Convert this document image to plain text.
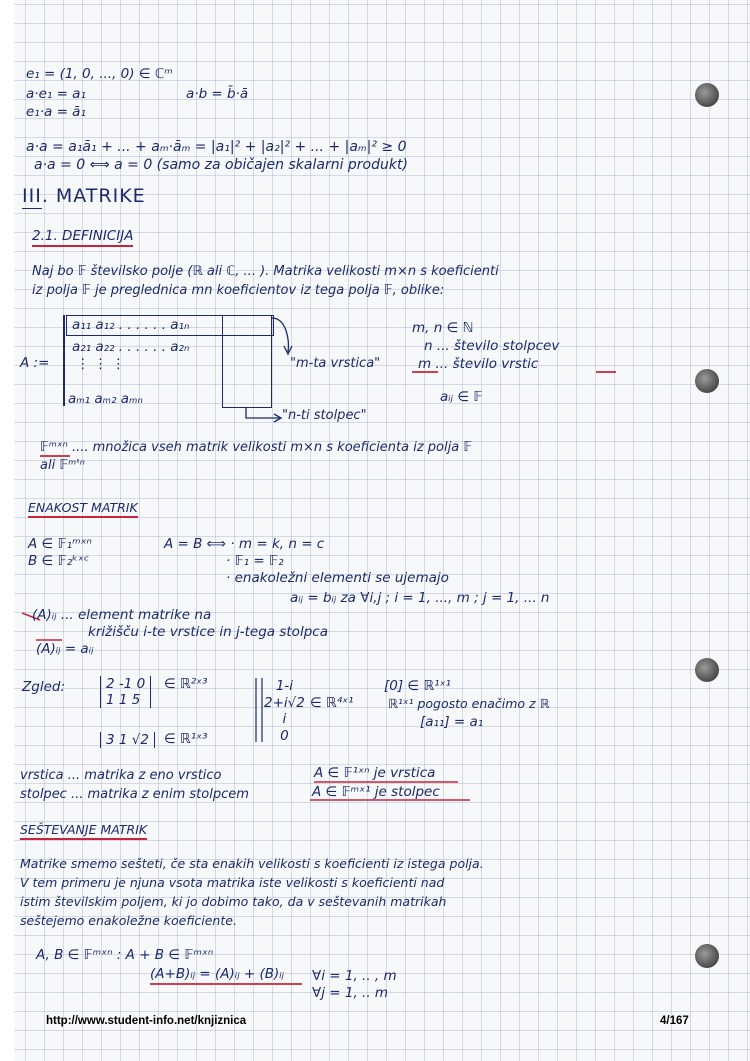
e₁ = (1, 0, ..., 0) ∈ ℂᵐ
a·e₁ = a₁
e₁·a = ā₁
a·b = b̄·ā
a·a = a₁ā₁ + ... + aₘ·āₘ = |a₁|² + |a₂|² + ... + |aₘ|² ≥ 0
a·a = 0 ⟺ a = 0 (samo za običajen skalarni produkt)
III. MATRIKE
2.1. DEFINICIJA
Naj bo 𝔽 številsko polje (ℝ ali ℂ, ... ). Matrika velikosti m×n s koeficienti
iz polja 𝔽 je preglednica mn koeficientov iz tega polja 𝔽, oblike:
A :=
a₁₁ a₁₂ . . . . . . a₁ₙ
a₂₁ a₂₂ . . . . . . a₂ₙ
⋮ ⋮ ⋮
aₘ₁ aₘ₂ aₘₙ
m, n ∈ ℕ
n ... število stolpcev
m ... število vrstic
"m-ta vrstica"
"n-ti stolpec"
aᵢⱼ ∈ 𝔽
𝔽ᵐˣⁿ .... množica vseh matrik velikosti m×n s koeficienta iz polja 𝔽
ali 𝔽ᵐ'ⁿ
ENAKOST MATRIK
A ∈ 𝔽₁ᵐˣⁿ
B ∈ 𝔽₂ᵏˣᶜ
A = B ⟺ · m = k, n = c
· 𝔽₁ = 𝔽₂
· enakoležni elementi se ujemajo
aᵢⱼ = bᵢⱼ za ∀i,j ; i = 1, ..., m ; j = 1, ... n
(A)ᵢⱼ ... element matrike na
križišču i-te vrstice in j-tega stolpca
(A)ᵢⱼ = aᵢⱼ
Zgled:	2 -1 0
1 1 5
∈ ℝ²ˣ³
3 1 √2	∈ ℝ¹ˣ³
1-i
2+i√2
i
0
∈ ℝ⁴ˣ¹
[0] ∈ ℝ¹ˣ¹
ℝ¹ˣ¹ pogosto enačimo z ℝ
[a₁₁] = a₁
vrstica ... matrika z eno vrstico	A ∈ 𝔽¹ˣⁿ je vrstica
stolpec ... matrika z enim stolpcem	A ∈ 𝔽ᵐˣ¹ je stolpec
SEŠTEVANJE MATRIK
Matrike smemo sešteti, če sta enakih velikosti s koeficienti iz istega polja.
V tem primeru je njuna vsota matrika iste velikosti s koeficienti nad
istim številskim poljem, ki jo dobimo tako, da v seštevanih matrikah
seštejemo enakoležne koeficiente.
A, B ∈ 𝔽ᵐˣⁿ : A + B ∈ 𝔽ᵐˣⁿ
(A+B)ᵢⱼ = (A)ᵢⱼ + (B)ᵢⱼ ∀i = 1, .. , m
∀j = 1, .. m
http://www.student-info.net/knjiznica	4/167
